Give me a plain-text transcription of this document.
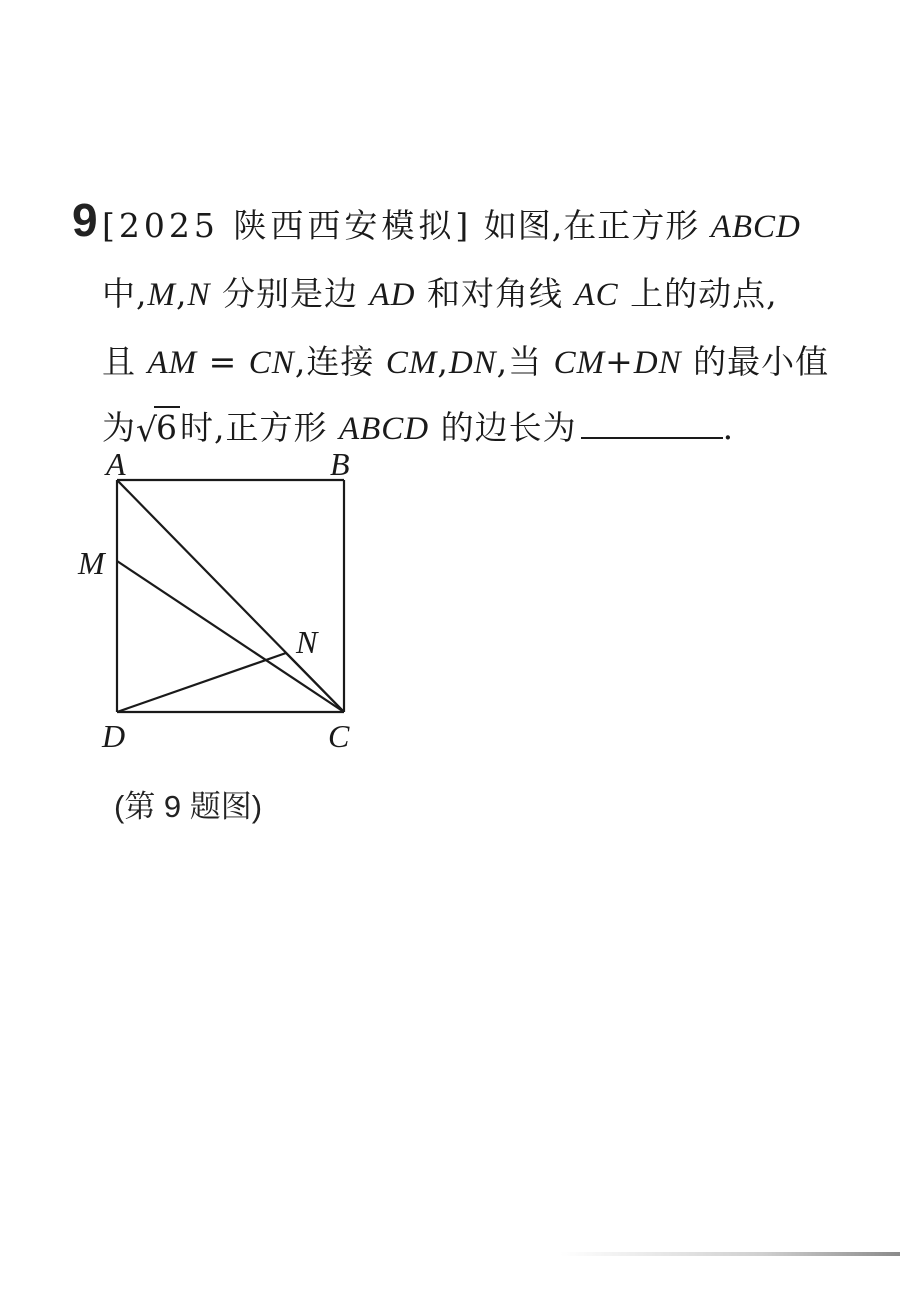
9 [2025 陕西西安模拟] 如图,在正方形 ABCD
中,M,N 分别是边 AD 和对角线 AC 上的动点,
且 AM = CN,连接 CM,DN,当 CM+DN 的最小值
为 √
6时,正方形 ABCD 的边长为	.
A	B
M
N
D	C
(第 9 题图)
